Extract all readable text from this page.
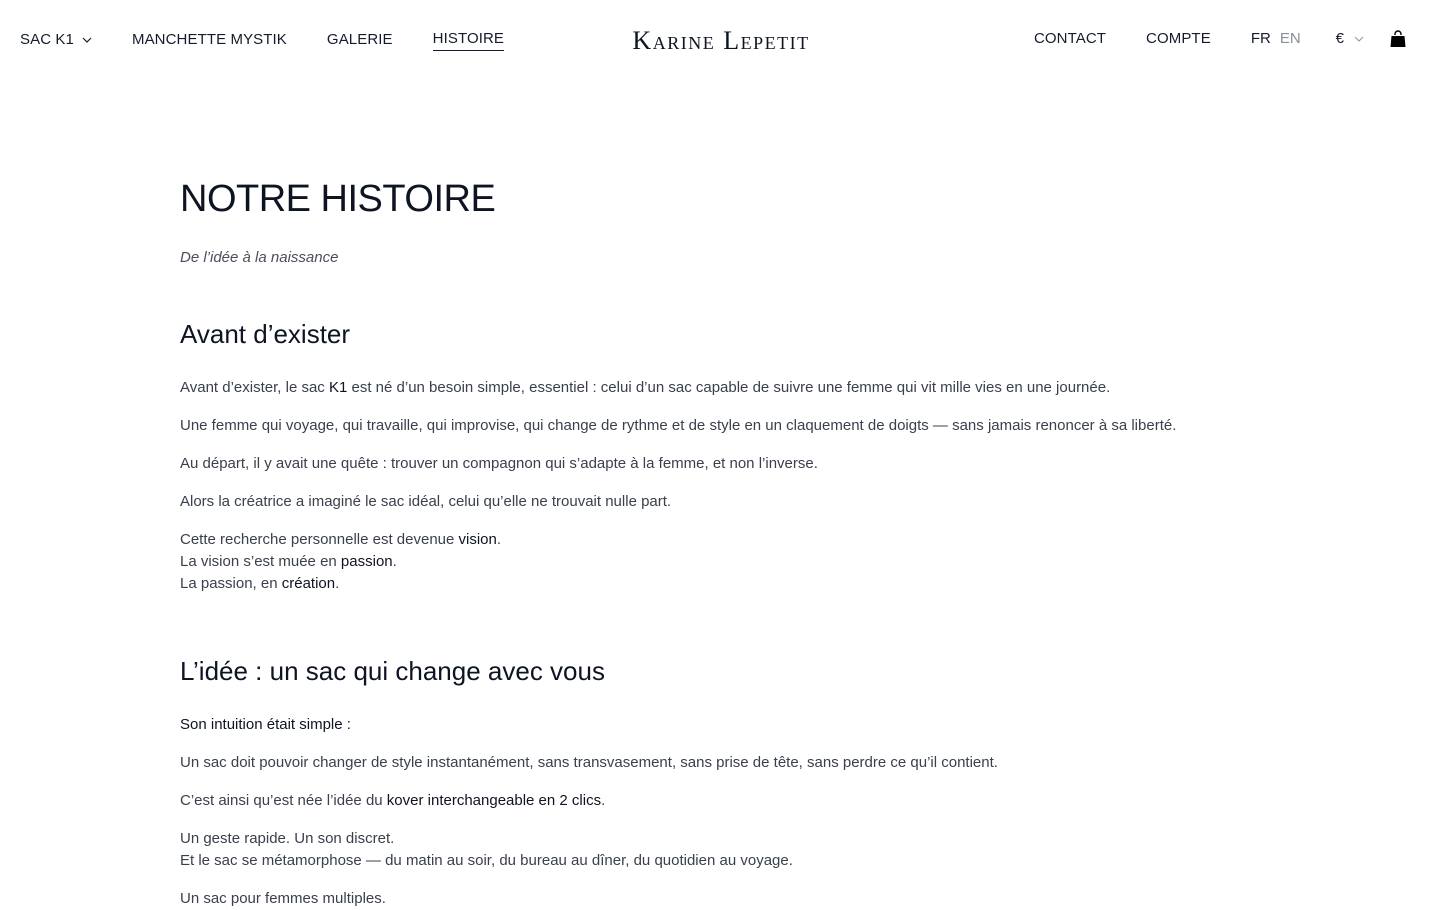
SAC K1	MANCHETTE MYSTIK	GALERIE	HISTOIRE	Karine Lepetit	CONTACT	COMPTE	FR EN €
NOTRE HISTOIRE
De l’idée à la naissance
Avant d’exister

Avant d’exister, le sac K1 est né d’un besoin simple, essentiel : celui d’un sac capable de suivre une femme qui vit mille vies en une journée.

Une femme qui voyage, qui travaille, qui improvise, qui change de rythme et de style en un claquement de doigts — sans jamais renoncer à sa liberté.

Au départ, il y avait une quête : trouver un compagnon qui s’adapte à la femme, et non l’inverse.

Alors la créatrice a imaginé le sac idéal, celui qu’elle ne trouvait nulle part.

Cette recherche personnelle est devenue vision.
La vision s’est muée en passion.
La passion, en création.

L’idée : un sac qui change avec vous

Son intuition était simple :

Un sac doit pouvoir changer de style instantanément, sans transvasement, sans prise de tête, sans perdre ce qu’il contient.

C’est ainsi qu’est née l’idée du kover interchangeable en 2 clics.

Un geste rapide. Un son discret.
Et le sac se métamorphose — du matin au soir, du bureau au dîner, du quotidien au voyage.

Un sac pour femmes multiples.
